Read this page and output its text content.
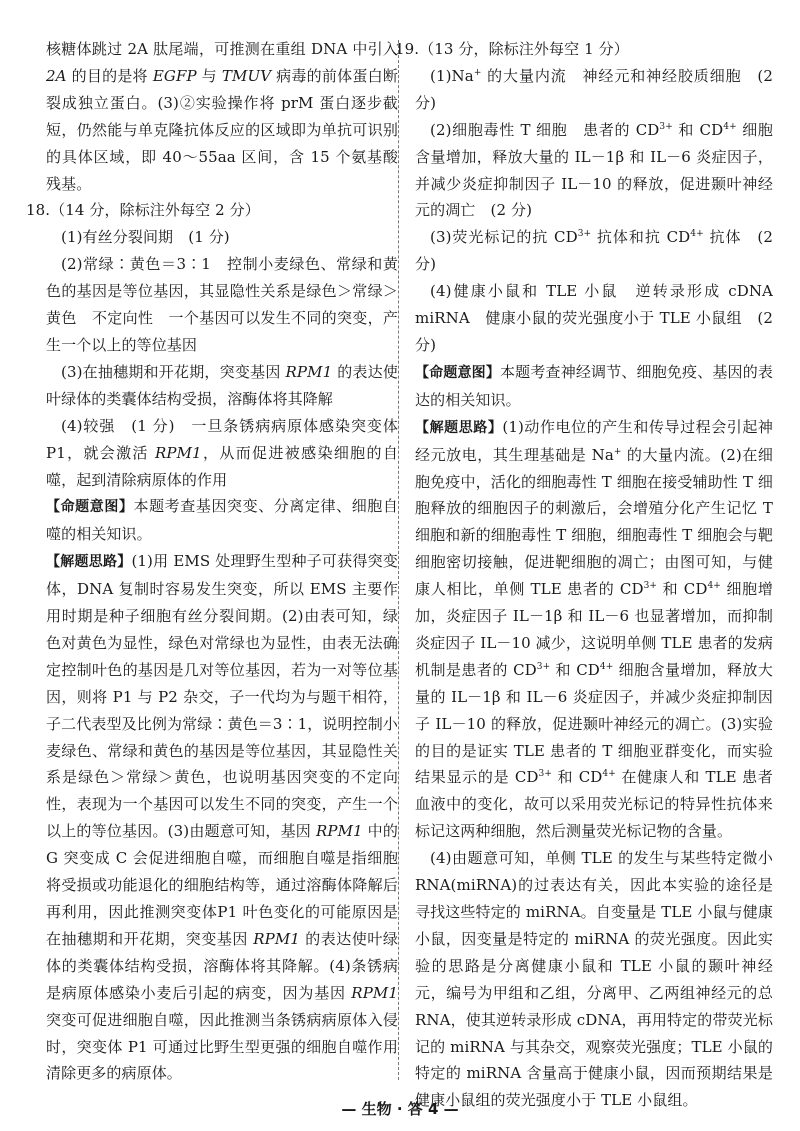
核糖体跳过 2A 肽尾端，可推测在重组 DNA 中引入 2A 的目的是将 EGFP 与 TMUV 病毒的前体蛋白断裂成独立蛋白。(3)②实验操作将 prM 蛋白逐步截短，仍然能与单克隆抗体反应的区域即为单抗可识别的具体区域，即 40～55aa 区间，含 15 个氨基酸残基。

18.（14 分，除标注外每空 2 分）

(1)有丝分裂间期　(1 分)

(2)常绿∶黄色＝3∶1　控制小麦绿色、常绿和黄色的基因是等位基因，其显隐性关系是绿色＞常绿＞黄色　不定向性　一个基因可以发生不同的突变，产生一个以上的等位基因

(3)在抽穗期和开花期，突变基因 RPM1 的表达使叶绿体的类囊体结构受损，溶酶体将其降解

(4)较强　(1 分)　一旦条锈病病原体感染突变体 P1，就会激活 RPM1，从而促进被感染细胞的自噬，起到清除病原体的作用

【命题意图】本题考查基因突变、分离定律、细胞自噬的相关知识。

【解题思路】(1)用 EMS 处理野生型种子可获得突变体，DNA 复制时容易发生突变，所以 EMS 主要作用时期是种子细胞有丝分裂间期。(2)由表可知，绿色对黄色为显性，绿色对常绿也为显性，由表无法确定控制叶色的基因是几对等位基因，若为一对等位基因，则将 P1 与 P2 杂交，子一代均为与题干相符，子二代表型及比例为常绿∶黄色＝3∶1，说明控制小麦绿色、常绿和黄色的基因是等位基因，其显隐性关系是绿色＞常绿＞黄色，也说明基因突变的不定向性，表现为一个基因可以发生不同的突变，产生一个以上的等位基因。(3)由题意可知，基因 RPM1 中的 G 突变成 C 会促进细胞自噬，而细胞自噬是指细胞将受损或功能退化的细胞结构等，通过溶酶体降解后再利用，因此推测突变体P1 叶色变化的可能原因是在抽穗期和开花期，突变基因 RPM1 的表达使叶绿体的类囊体结构受损，溶酶体将其降解。(4)条锈病是病原体感染小麦后引起的病变，因为基因 RPM1 突变可促进细胞自噬，因此推测当条锈病病原体入侵时，突变体 P1 可通过比野生型更强的细胞自噬作用清除更多的病原体。

19.（13 分，除标注外每空 1 分）

(1)Na+ 的大量内流　神经元和神经胶质细胞　(2 分)

(2)细胞毒性 T 细胞　患者的 $CD^{3+}$ 和 $CD^{4+}$ 细胞含量增加，释放大量的 IL－1β 和 IL－6 炎症因子，并减少炎症抑制因子 IL－10 的释放，促进颞叶神经元的凋亡　(2 分)

(3)荧光标记的抗 $CD^{3+}$ 抗体和抗 $CD^{4+}$ 抗体　(2 分)

(4)健康小鼠和 TLE 小鼠　逆转录形成 cDNA　miRNA　健康小鼠的荧光强度小于 TLE 小鼠组　(2 分)

【命题意图】本题考查神经调节、细胞免疫、基因的表达的相关知识。

【解题思路】(1)动作电位的产生和传导过程会引起神经元放电，其生理基础是 Na+ 的大量内流。(2)在细胞免疫中，活化的细胞毒性 T 细胞在接受辅助性 T 细胞释放的细胞因子的刺激后，会增殖分化产生记忆 T 细胞和新的细胞毒性 T 细胞，细胞毒性 T 细胞会与靶细胞密切接触，促进靶细胞的凋亡；由图可知，与健康人相比，单侧 TLE 患者的 $CD^{3+}$ 和 $CD^{4+}$ 细胞增加，炎症因子 IL－1β 和 IL－6 也显著增加，而抑制炎症因子 IL－10 减少，这说明单侧 TLE 患者的发病机制是患者的 $CD^{3+}$ 和 $CD^{4+}$ 细胞含量增加，释放大量的 IL－1β 和 IL－6 炎症因子，并减少炎症抑制因子 IL－10 的释放，促进颞叶神经元的凋亡。(3)实验的目的是证实 TLE 患者的 T 细胞亚群变化，而实验结果显示的是 $CD^{3+}$ 和 $CD^{4+}$ 在健康人和 TLE 患者血液中的变化，故可以采用荧光标记的特异性抗体来标记这两种细胞，然后测量荧光标记物的含量。

(4)由题意可知，单侧 TLE 的发生与某些特定微小 RNA(miRNA)的过表达有关，因此本实验的途径是寻找这些特定的 miRNA。自变量是 TLE 小鼠与健康小鼠，因变量是特定的 miRNA 的荧光强度。因此实验的思路是分离健康小鼠和 TLE 小鼠的颞叶神经元，编号为甲组和乙组，分离甲、乙两组神经元的总 RNA，使其逆转录形成 cDNA，再用特定的带荧光标记的 miRNA 与其杂交，观察荧光强度；TLE 小鼠的特定的 miRNA 含量高于健康小鼠，因而预期结果是健康小鼠组的荧光强度小于 TLE 小鼠组。

— 生物 · 答 4 —
